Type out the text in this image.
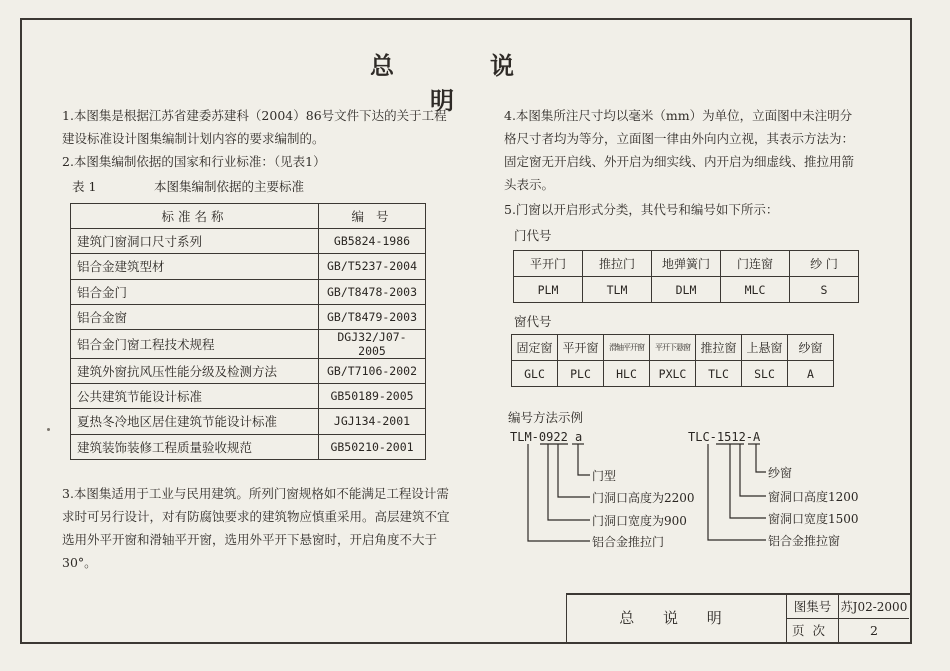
总　说　明
1.本图集是根据江苏省建委苏建科（2004）86号文件下达的关于工程建设标准设计图集编制计划内容的要求编制的。
2.本图集编制依据的国家和行业标准：（见表1）
表 1	本图集编制依据的主要标准
标准名称	编 号
建筑门窗洞口尺寸系列	GB5824-1986
铝合金建筑型材	GB/T5237-2004
铝合金门	GB/T8478-2003
铝合金窗	GB/T8479-2003
铝合金门窗工程技术规程	DGJ32/J07-2005
建筑外窗抗风压性能分级及检测方法	GB/T7106-2002
公共建筑节能设计标准	GB50189-2005
夏热冬冷地区居住建筑节能设计标准	JGJ134-2001
建筑装饰装修工程质量验收规范	GB50210-2001
3.本图集适用于工业与民用建筑。所列门窗规格如不能满足工程设计需求时可另行设计，对有防腐蚀要求的建筑物应慎重采用。高层建筑不宜选用外平开窗和滑轴平开窗，选用外平开下悬窗时，开启角度不大于30°。
4.本图集所注尺寸均以毫米（mm）为单位，立面图中未注明分格尺寸者均为等分，立面图一律由外向内立视，其表示方法为：固定窗无开启线、外开启为细实线、内开启为细虚线、推拉用箭头表示。
5.门窗以开启形式分类，其代号和编号如下所示：
门代号
平开门	推拉门	地弹簧门	门连窗	纱 门
PLM	TLM	DLM	MLC	S
窗代号
固定窗	平开窗	滑轴平开窗	平开下悬窗	推拉窗	上悬窗	纱窗
GLC	PLC	HLC	PXLC	TLC	SLC	A
编号方法示例
TLM-0922 a	TLC-1512-A
门型
门洞口高度为2200
门洞口宽度为900
铝合金推拉门
纱窗
窗洞口高度1200
窗洞口宽度1500
铝合金推拉窗
总 说 明
图集号 苏J02-2000
页次	2
